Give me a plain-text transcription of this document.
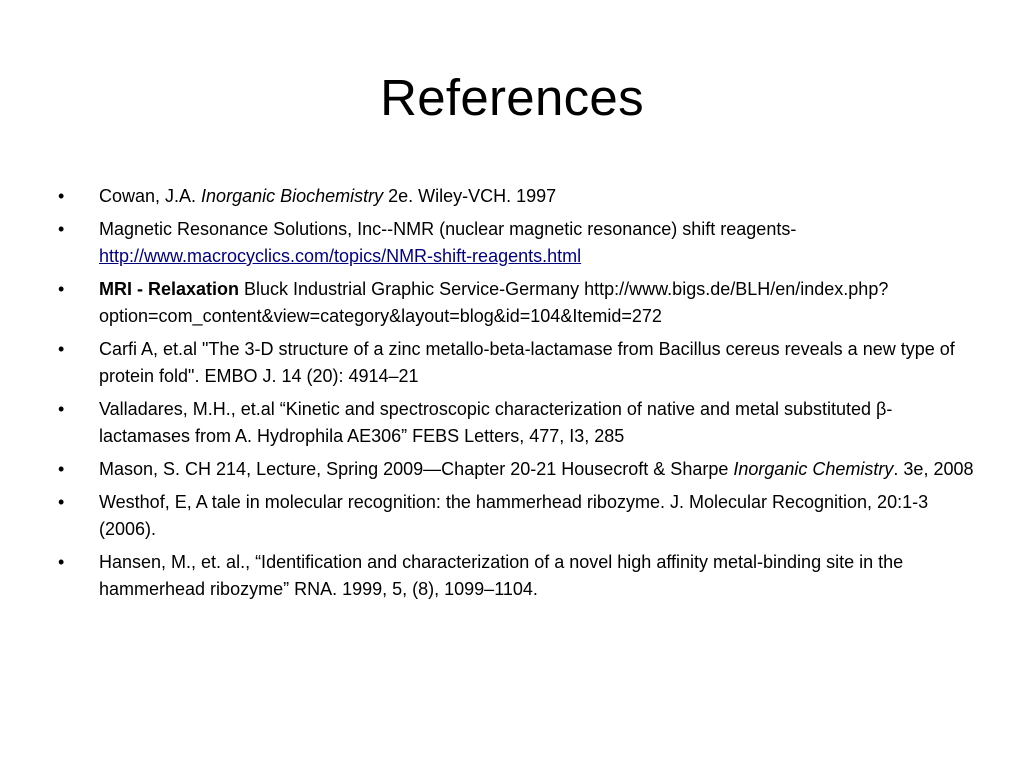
References
• Cowan, J.A. Inorganic Biochemistry 2e. Wiley-VCH. 1997
• Magnetic Resonance Solutions, Inc--NMR (nuclear magnetic resonance) shift reagents- http://www.macrocyclics.com/topics/NMR-shift-reagents.html
• MRI - Relaxation Bluck Industrial Graphic Service-Germany http://www.bigs.de/BLH/en/index.php?option=com_content&view=category&layout=blog&id=104&Itemid=272
• Carfi A, et.al "The 3-D structure of a zinc metallo-beta-lactamase from Bacillus cereus reveals a new type of protein fold". EMBO J. 14 (20): 4914–21
• Valladares, M.H., et.al “Kinetic and spectroscopic characterization of native and metal substituted β-lactamases from A. Hydrophila AE306” FEBS Letters, 477, I3, 285
• Mason, S. CH 214, Lecture, Spring 2009—Chapter 20-21 Housecroft & Sharpe Inorganic Chemistry. 3e, 2008
• Westhof, E, A tale in molecular recognition: the hammerhead ribozyme. J. Molecular Recognition, 20:1-3 (2006).
• Hansen, M., et. al., “Identification and characterization of a novel high affinity metal-binding site in the hammerhead ribozyme” RNA. 1999, 5, (8), 1099–1104.
